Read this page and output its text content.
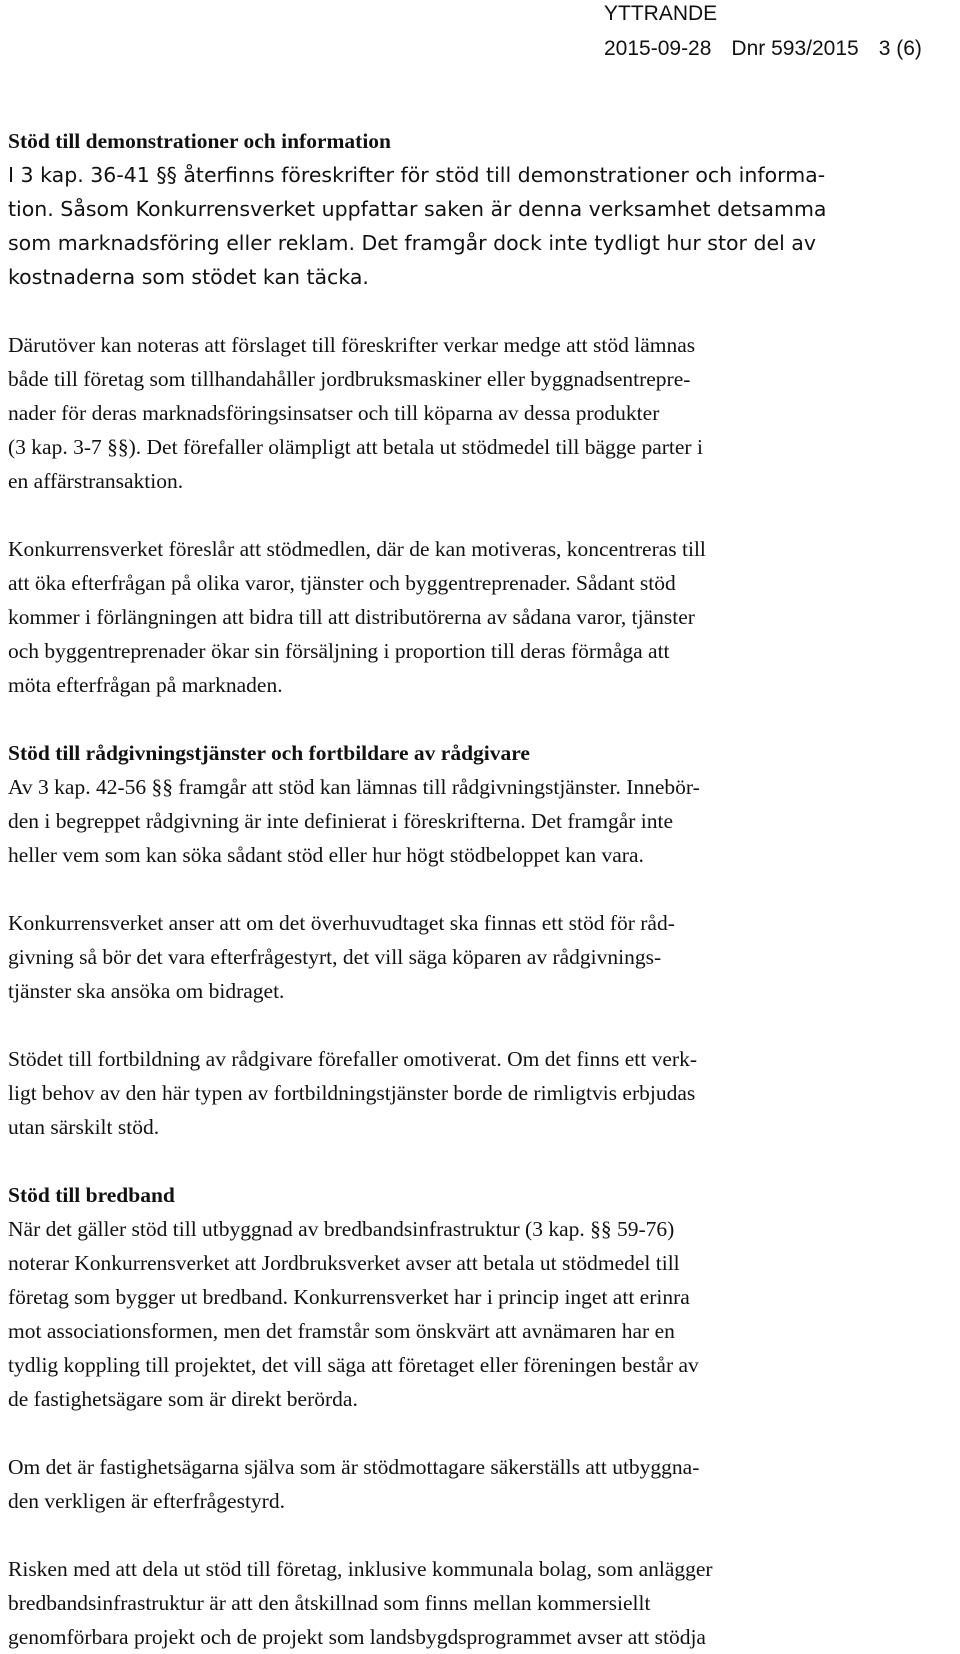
YTTRANDE
2015-09-28 Dnr 593/2015 3 (6)
Stöd till demonstrationer och information

I 3 kap. 36-41 §§ återfinns föreskrifter för stöd till demonstrationer och informa-
tion. Såsom Konkurrensverket uppfattar saken är denna verksamhet detsamma
som marknadsföring eller reklam. Det framgår dock inte tydligt hur stor del av
kostnaderna som stödet kan täcka.

Därutöver kan noteras att förslaget till föreskrifter verkar medge att stöd lämnas
både till företag som tillhandahåller jordbruksmaskiner eller byggnadsentrepre-
nader för deras marknadsföringsinsatser och till köparna av dessa produkter
(3 kap. 3-7 §§). Det förefaller olämpligt att betala ut stödmedel till bägge parter i
en affärstransaktion.

Konkurrensverket föreslår att stödmedlen, där de kan motiveras, koncentreras till
att öka efterfrågan på olika varor, tjänster och byggentreprenader. Sådant stöd
kommer i förlängningen att bidra till att distributörerna av sådana varor, tjänster
och byggentreprenader ökar sin försäljning i proportion till deras förmåga att
möta efterfrågan på marknaden.

Stöd till rådgivningstjänster och fortbildare av rådgivare

Av 3 kap. 42-56 §§ framgår att stöd kan lämnas till rådgivningstjänster. Innebör-
den i begreppet rådgivning är inte definierat i föreskrifterna. Det framgår inte
heller vem som kan söka sådant stöd eller hur högt stödbeloppet kan vara.

Konkurrensverket anser att om det överhuvudtaget ska finnas ett stöd för råd-
givning så bör det vara efterfrågestyrt, det vill säga köparen av rådgivnings-
tjänster ska ansöka om bidraget.

Stödet till fortbildning av rådgivare förefaller omotiverat. Om det finns ett verk-
ligt behov av den här typen av fortbildningstjänster borde de rimligtvis erbjudas
utan särskilt stöd.

Stöd till bredband

När det gäller stöd till utbyggnad av bredbandsinfrastruktur (3 kap. §§ 59-76)
noterar Konkurrensverket att Jordbruksverket avser att betala ut stödmedel till
företag som bygger ut bredband. Konkurrensverket har i princip inget att erinra
mot associationsformen, men det framstår som önskvärt att avnämaren har en
tydlig koppling till projektet, det vill säga att företaget eller föreningen består av
de fastighetsägare som är direkt berörda.

Om det är fastighetsägarna själva som är stödmottagare säkerställs att utbyggna-
den verkligen är efterfrågestyrd.

Risken med att dela ut stöd till företag, inklusive kommunala bolag, som anlägger
bredbandsinfrastruktur är att den åtskillnad som finns mellan kommersiellt
genomförbara projekt och de projekt som landsbygdsprogrammet avser att stödja
